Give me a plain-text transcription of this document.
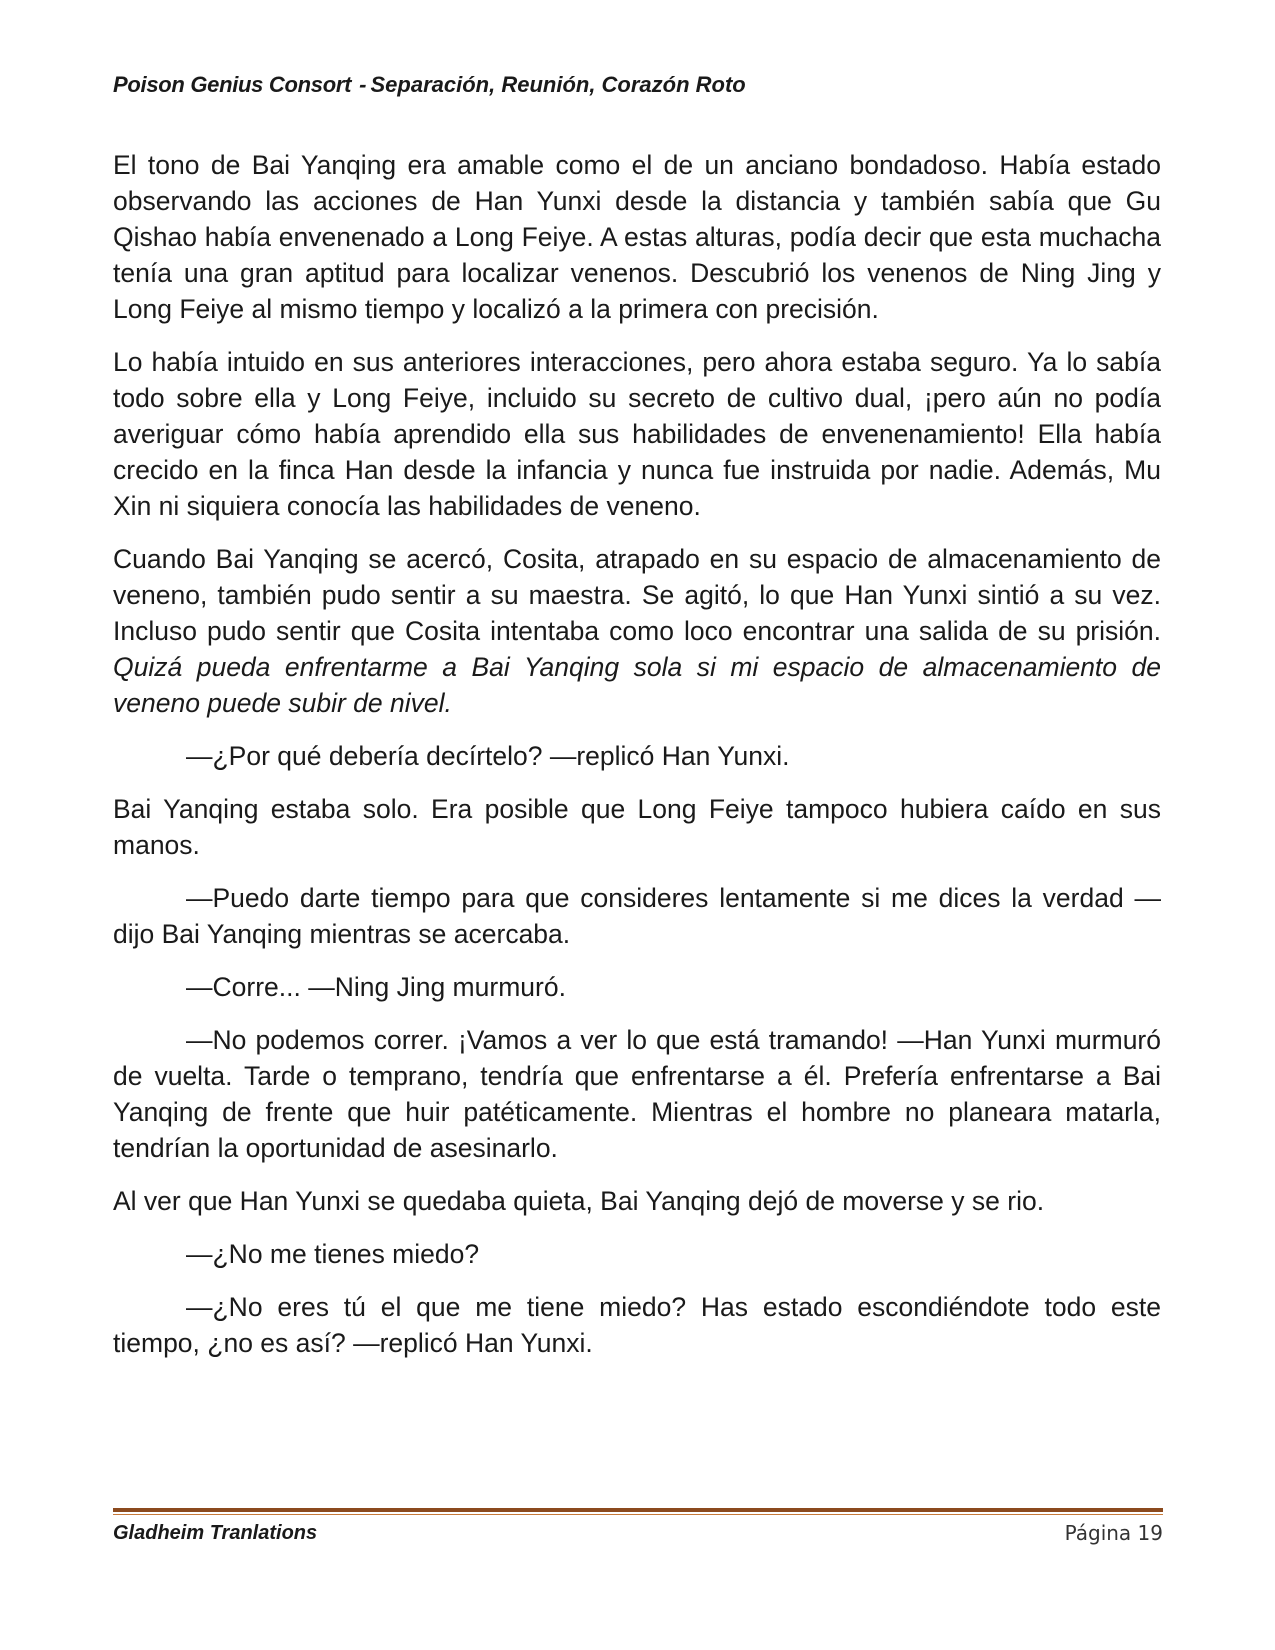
Poison Genius Consort - Separación, Reunión, Corazón Roto

El tono de Bai Yanqing era amable como el de un anciano bondadoso. Había estado observando las acciones de Han Yunxi desde la distancia y también sabía que Gu Qishao había envenenado a Long Feiye. A estas alturas, podía decir que esta muchacha tenía una gran aptitud para localizar venenos. Descubrió los venenos de Ning Jing y Long Feiye al mismo tiempo y localizó a la primera con precisión.

Lo había intuido en sus anteriores interacciones, pero ahora estaba seguro. Ya lo sabía todo sobre ella y Long Feiye, incluido su secreto de cultivo dual, ¡pero aún no podía averiguar cómo había aprendido ella sus habilidades de envenenamiento! Ella había crecido en la finca Han desde la infancia y nunca fue instruida por nadie. Además, Mu Xin ni siquiera conocía las habilidades de veneno.

Cuando Bai Yanqing se acercó, Cosita, atrapado en su espacio de almacenamiento de veneno, también pudo sentir a su maestra. Se agitó, lo que Han Yunxi sintió a su vez. Incluso pudo sentir que Cosita intentaba como loco encontrar una salida de su prisión. Quizá pueda enfrentarme a Bai Yanqing sola si mi espacio de almacenamiento de veneno puede subir de nivel.

—¿Por qué debería decírtelo? —replicó Han Yunxi.

Bai Yanqing estaba solo. Era posible que Long Feiye tampoco hubiera caído en sus manos.

—Puedo darte tiempo para que consideres lentamente si me dices la verdad —dijo Bai Yanqing mientras se acercaba.

—Corre... —Ning Jing murmuró.

—No podemos correr. ¡Vamos a ver lo que está tramando! —Han Yunxi murmuró de vuelta. Tarde o temprano, tendría que enfrentarse a él. Prefería enfrentarse a Bai Yanqing de frente que huir patéticamente. Mientras el hombre no planeara matarla, tendrían la oportunidad de asesinarlo.

Al ver que Han Yunxi se quedaba quieta, Bai Yanqing dejó de moverse y se rio.

—¿No me tienes miedo?

—¿No eres tú el que me tiene miedo? Has estado escondiéndote todo este tiempo, ¿no es así? —replicó Han Yunxi.

Gladheim Tranlations	Página 19
